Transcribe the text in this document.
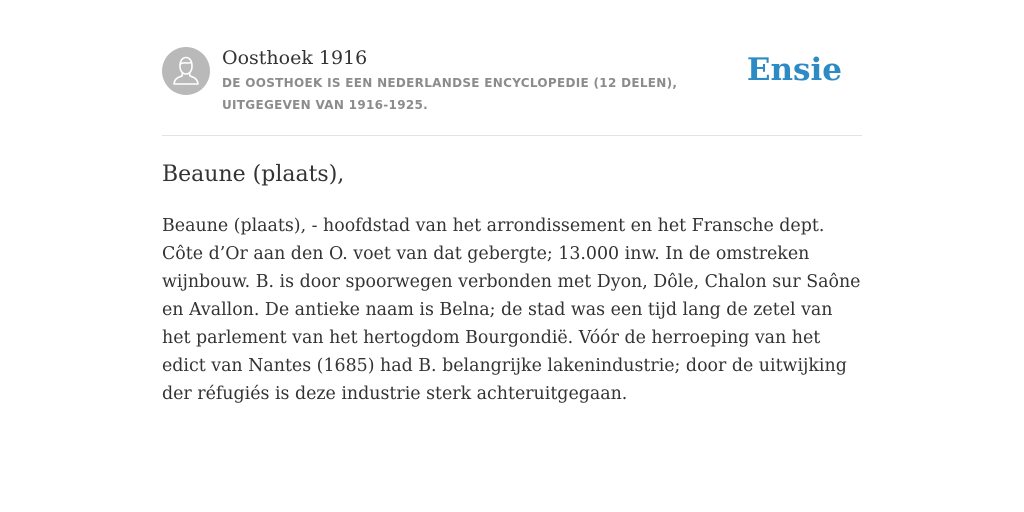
Oosthoek 1916
DE OOSTHOEK IS EEN NEDERLANDSE ENCYCLOPEDIE (12 DELEN), UITGEGEVEN VAN 1916-1925.
Ensie
Beaune (plaats),

Beaune (plaats), - hoofdstad van het arrondissement en het Fransche dept. Côte d’Or aan den O. voet van dat gebergte; 13.000 inw. In de omstreken wijnbouw. B. is door spoorwegen verbonden met Dyon, Dôle, Chalon sur Saône en Avallon. De antieke naam is Belna; de stad was een tijd lang de zetel van het parlement van het hertogdom Bourgondië. Vóór de herroeping van het edict van Nantes (1685) had B. belangrijke lakenindustrie; door de uitwijking der réfugiés is deze industrie sterk achteruitgegaan.
